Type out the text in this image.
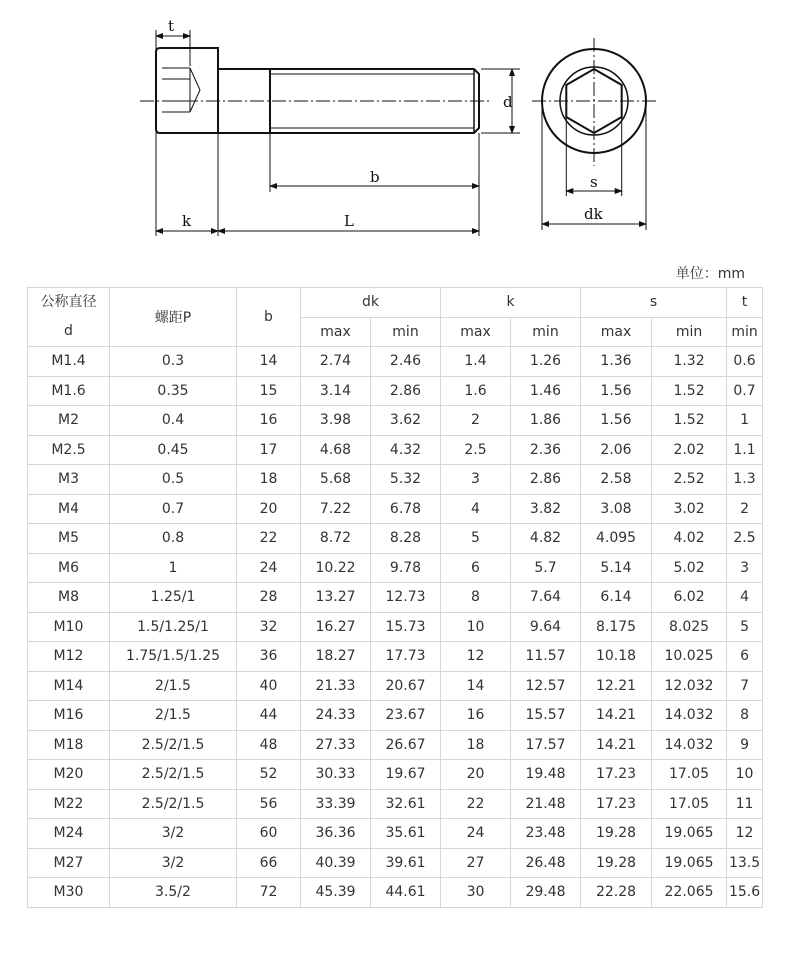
t
d
b
k	L
s
dk
单位：mm
公称直径
d	螺距P	b	dk		k		s		t
			max	min	max	min	max	min	min
M1.4	0.3	14	2.74	2.46	1.4	1.26	1.36	1.32	0.6
M1.6	0.35	15	3.14	2.86	1.6	1.46	1.56	1.52	0.7
M2	0.4	16	3.98	3.62	2	1.86	1.56	1.52	1
M2.5	0.45	17	4.68	4.32	2.5	2.36	2.06	2.02	1.1
M3	0.5	18	5.68	5.32	3	2.86	2.58	2.52	1.3
M4	0.7	20	7.22	6.78	4	3.82	3.08	3.02	2
M5	0.8	22	8.72	8.28	5	4.82	4.095	4.02	2.5
M6	1	24	10.22	9.78	6	5.7	5.14	5.02	3
M8	1.25/1	28	13.27	12.73	8	7.64	6.14	6.02	4
M10	1.5/1.25/1	32	16.27	15.73	10	9.64	8.175	8.025	5
M12	1.75/1.5/1.25	36	18.27	17.73	12	11.57	10.18	10.025	6
M14	2/1.5	40	21.33	20.67	14	12.57	12.21	12.032	7
M16	2/1.5	44	24.33	23.67	16	15.57	14.21	14.032	8
M18	2.5/2/1.5	48	27.33	26.67	18	17.57	14.21	14.032	9
M20	2.5/2/1.5	52	30.33	19.67	20	19.48	17.23	17.05	10
M22	2.5/2/1.5	56	33.39	32.61	22	21.48	17.23	17.05	11
M24	3/2	60	36.36	35.61	24	23.48	19.28	19.065	12
M27	3/2	66	40.39	39.61	27	26.48	19.28	19.065	13.5
M30	3.5/2	72	45.39	44.61	30	29.48	22.28	22.065	15.6
